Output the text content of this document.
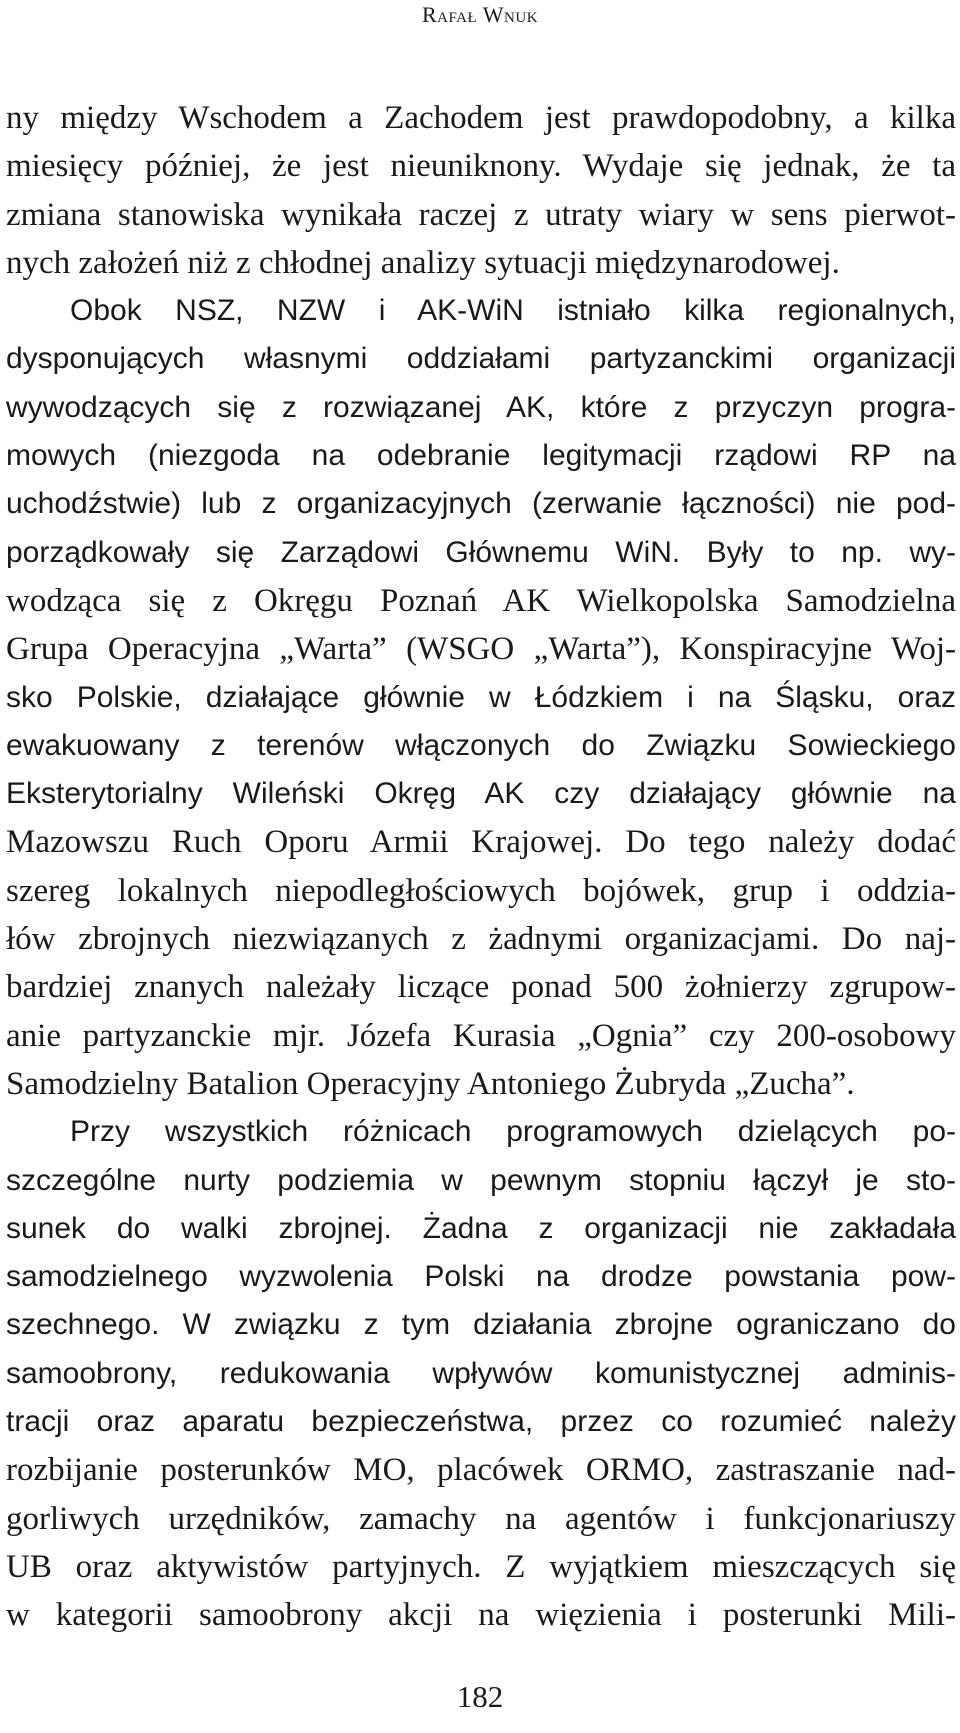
Rafał Wnuk
ny między Wschodem a Zachodem jest prawdopodobny, a kilka
miesięcy później, że jest nieuniknony. Wydaje się jednak, że ta
zmiana stanowiska wynikała raczej z utraty wiary w sens pierwot-
nych założeń niż z chłodnej analizy sytuacji międzynarodowej.
Obok NSZ, NZW i AK-WiN istniało kilka regionalnych,
dysponujących własnymi oddziałami partyzanckimi organizacji
wywodzących się z rozwiązanej AK, które z przyczyn progra-
mowych (niezgoda na odebranie legitymacji rządowi RP na
uchodźstwie) lub z organizacyjnych (zerwanie łączności) nie pod-
porządkowały się Zarządowi Głównemu WiN. Były to np. wy-
wodząca się z Okręgu Poznań AK Wielkopolska Samodzielna
Grupa Operacyjna „Warta” (WSGO „Warta”), Konspiracyjne Woj-
sko Polskie, działające głównie w Łódzkiem i na Śląsku, oraz
ewakuowany z terenów włączonych do Związku Sowieckiego
Eksterytorialny Wileński Okręg AK czy działający głównie na
Mazowszu Ruch Oporu Armii Krajowej. Do tego należy dodać
szereg lokalnych niepodległościowych bojówek, grup i oddzia-
łów zbrojnych niezwiązanych z żadnymi organizacjami. Do naj-
bardziej znanych należały liczące ponad 500 żołnierzy zgrupow-
anie partyzanckie mjr. Józefa Kurasia „Ognia” czy 200-osobowy
Samodzielny Batalion Operacyjny Antoniego Żubryda „Zucha”.
Przy wszystkich różnicach programowych dzielących po-
szczególne nurty podziemia w pewnym stopniu łączył je sto-
sunek do walki zbrojnej. Żadna z organizacji nie zakładała
samodzielnego wyzwolenia Polski na drodze powstania pow-
szechnego. W związku z tym działania zbrojne ograniczano do
samoobrony, redukowania wpływów komunistycznej adminis-
tracji oraz aparatu bezpieczeństwa, przez co rozumieć należy
rozbijanie posterunków MO, placówek ORMO, zastraszanie nad-
gorliwych urzędników, zamachy na agentów i funkcjonariuszy
UB oraz aktywistów partyjnych. Z wyjątkiem mieszczących się
w kategorii samoobrony akcji na więzienia i posterunki Mili-
182
